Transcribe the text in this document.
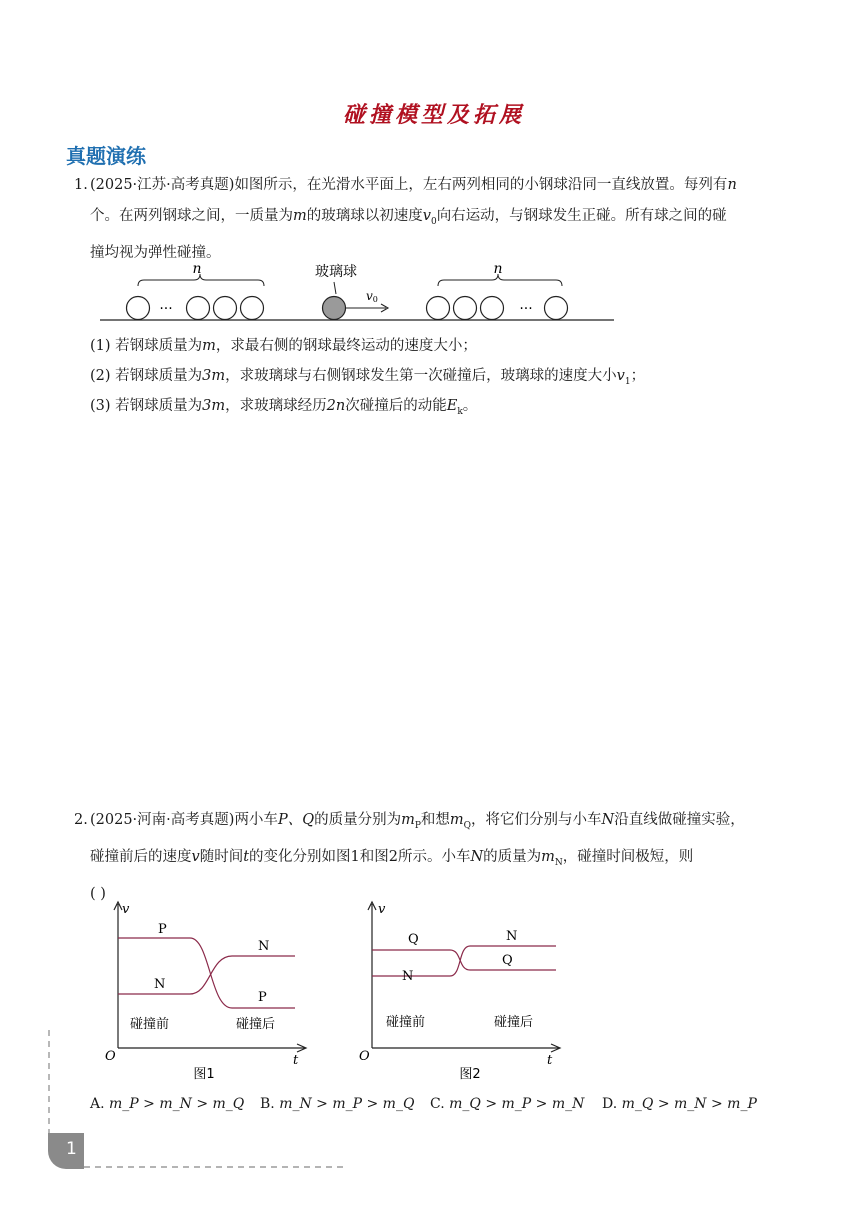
碰撞模型及拓展
真题演练
1. (2025·江苏·高考真题)如图所示，在光滑水平面上，左右两列相同的小钢球沿同一直线放置。每列有n
个。在两列钢球之间，一质量为m的玻璃球以初速度$v_0$向右运动，与钢球发生正碰。所有球之间的碰
撞均视为弹性碰撞。
n
···
玻璃球
v0
n
···
(1) 若钢球质量为m，求最右侧的钢球最终运动的速度大小；
(2) 若钢球质量为3m，求玻璃球与右侧钢球发生第一次碰撞后，玻璃球的速度大小$v_1$；
(3) 若钢球质量为3m，求玻璃球经历2n次碰撞后的动能$E_k$。
2. (2025·河南·高考真题)两小车P、Q的质量分别为$m_P$和想$m_Q$，将它们分别与小车N沿直线做碰撞实验，
碰撞前后的速度v随时间t的变化分别如图1和图2所示。小车N的质量为$m_N$，碰撞时间极短，则
( )
v
t
O
P
N
N
P
碰撞前	碰撞后
图1
v
t
O
Q
N
N
Q
碰撞前	碰撞后
图2
A. m_P > m_N > m_Q B. m_N > m_P > m_Q C. m_Q > m_P > m_N D. m_Q > m_N > m_P
1
